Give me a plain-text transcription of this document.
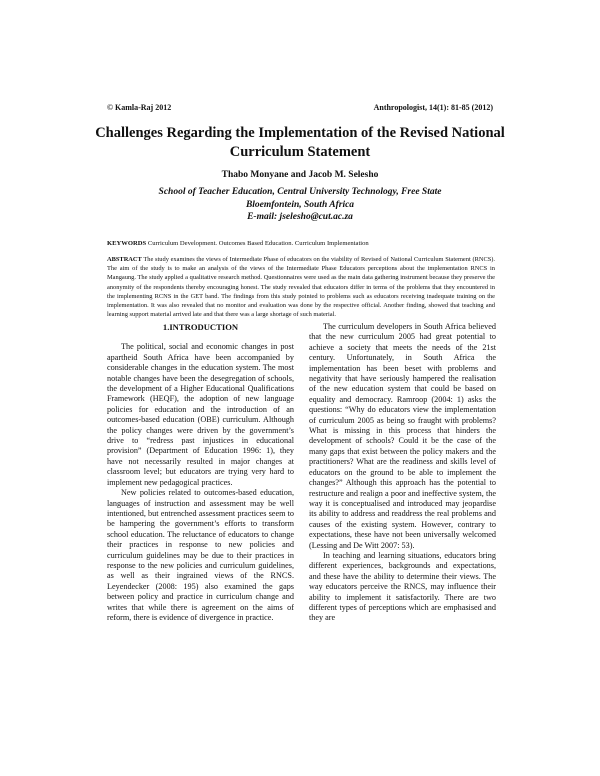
© Kamla-Raj 2012	Anthropologist, 14(1): 81-85 (2012)
Challenges Regarding the Implementation of the Revised National Curriculum Statement
Thabo Monyane and Jacob M. Selesho
School of Teacher Education, Central University Technology, Free State
Bloemfontein, South Africa
E-mail: jselesho@cut.ac.za
KEYWORDS Curriculum Development. Outcomes Based Education. Curriculum Implementation
ABSTRACT The study examines the views of Intermediate Phase of educators on the viability of Revised of National Curriculum Statement (RNCS). The aim of the study is to make an analysis of the views of the Intermediate Phase Educators perceptions about the implementation RNCS in Mangaung. The study applied a qualitative research method. Questionnaires were used as the main data gathering instrument because they preserve the anonymity of the respondents thereby encouraging honest. The study revealed that educators differ in terms of the problems that they encountered in the implementing RCNS in the GET band. The findings from this study pointed to problems such as educators receiving inadequate training on the implementation. It was also revealed that no monitor and evaluation was done by the respective official. Another finding, showed that teaching and learning support material arrived late and that there was a large shortage of such material.
1.INTRODUCTION

The political, social and economic changes in post apartheid South Africa have been accompanied by considerable changes in the education system. The most notable changes have been the desegregation of schools, the development of a Higher Educational Qualifications Framework (HEQF), the adoption of new language policies for education and the introduction of an outcomes-based education (OBE) curriculum. Although the policy changes were driven by the government’s drive to “redress past injustices in educational provision” (Department of Education 1996: 1), they have not necessarily resulted in major changes at classroom level; but educators are trying very hard to implement new pedagogical practices.

New policies related to outcomes-based education, languages of instruction and assessment may be well intentioned, but entrenched assessment practices seem to be hampering the government’s efforts to transform school education. The reluctance of educators to change their practices in response to new policies and curriculum guidelines may be due to their practices in response to the new policies and curriculum guidelines, as well as their ingrained views of the RNCS. Leyendecker (2008: 195) also examined the gaps between policy and practice in curriculum change and writes that while there is agreement on the aims of reform, there is evidence of divergence in practice.

The curriculum developers in South Africa believed that the new curriculum 2005 had great potential to achieve a society that meets the needs of the 21st century. Unfortunately, in South Africa the implementation has been beset with problems and negativity that have seriously hampered the realisation of the new education system that could be based on equality and democracy. Ramroop (2004: 1) asks the questions: “Why do educators view the implementation of curriculum 2005 as being so fraught with problems? What is missing in this process that hinders the development of schools? Could it be the case of the many gaps that exist between the policy makers and the practitioners? What are the readiness and skills level of educators on the ground to be able to implement the changes?” Although this approach has the potential to restructure and realign a poor and ineffective system, the way it is conceptualised and introduced may jeopardise its ability to address and readdress the real problems and causes of the existing system. However, contrary to expectations, these have not been universally welcomed (Lessing and De Witt 2007: 53).

In teaching and learning situations, educators bring different experiences, backgrounds and expectations, and these have the ability to determine their views. The way educators perceive the RNCS, may influence their ability to implement it satisfactorily. There are two different types of perceptions which are emphasised and they are
